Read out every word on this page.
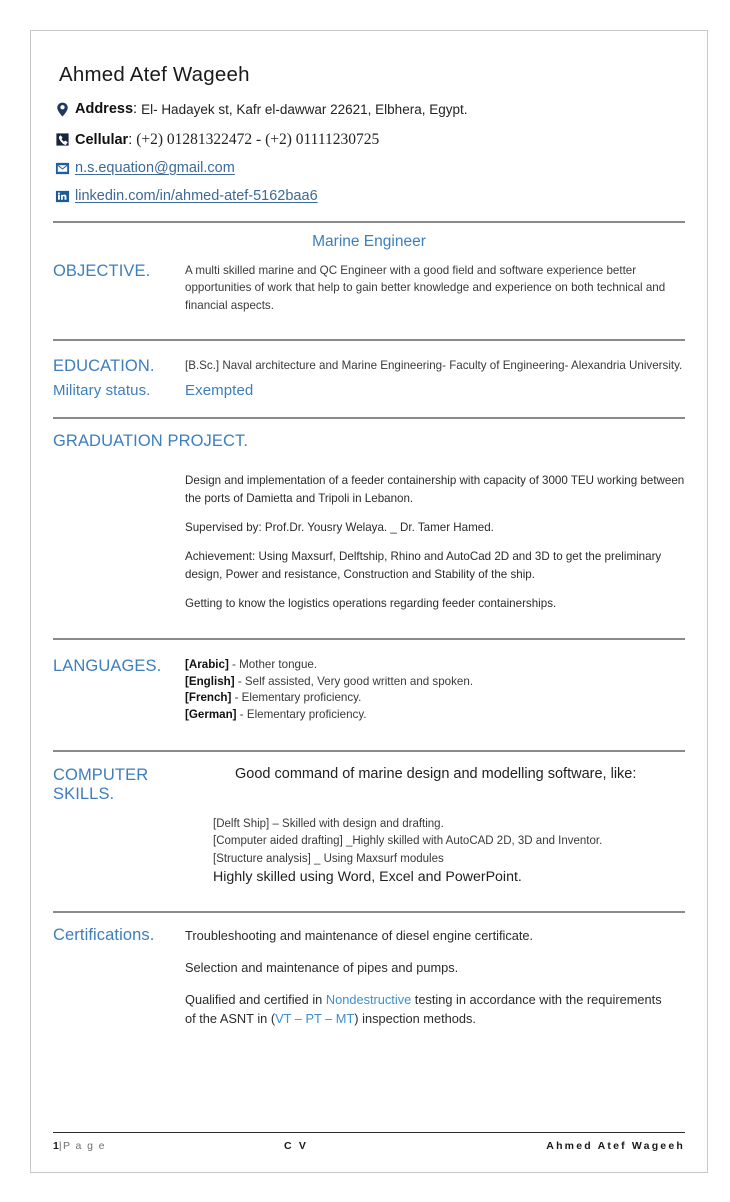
Ahmed Atef Wageeh
Address : El- Hadayek st, Kafr el-dawwar 22621, Elbhera, Egypt.
Cellular : (+2) 01281322472 - (+2) 01111230725
n.s.equation@gmail.com
linkedin.com/in/ahmed-atef-5162baa6
Marine Engineer
OBJECTIVE.	A multi skilled marine and QC Engineer with a good field and software experience better opportunities of work that help to gain better knowledge and experience on both technical and financial aspects.
EDUCATION.	[B.Sc.] Naval architecture and Marine Engineering- Faculty of Engineering- Alexandria University.
Military status.	Exempted
GRADUATION PROJECT.
Design and implementation of a feeder containership with capacity of 3000 TEU working between the ports of Damietta and Tripoli in Lebanon.
Supervised by: Prof.Dr. Yousry Welaya. _ Dr. Tamer Hamed.
Achievement: Using Maxsurf, Delftship, Rhino and AutoCad 2D and 3D to get the preliminary design, Power and resistance, Construction and Stability of the ship.
Getting to know the logistics operations regarding feeder containerships.
LANGUAGES.	[Arabic] - Mother tongue.
[English] - Self assisted, Very good written and spoken.
[French] - Elementary proficiency.
[German] - Elementary proficiency.
COMPUTER SKILLS.
Good command of marine design and modelling software, like:
[Delft Ship] – Skilled with design and drafting.
[Computer aided drafting] _Highly skilled with AutoCAD 2D, 3D and Inventor.
[Structure analysis] _ Using Maxsurf modules
Highly skilled using Word, Excel and PowerPoint.
Certifications.	Troubleshooting and maintenance of diesel engine certificate.
Selection and maintenance of pipes and pumps.
Qualified and certified in Nondestructive testing in accordance with the requirements of the ASNT in (VT – PT – MT) inspection methods.
1|P a g e	C V	Ahmed Atef Wageeh
